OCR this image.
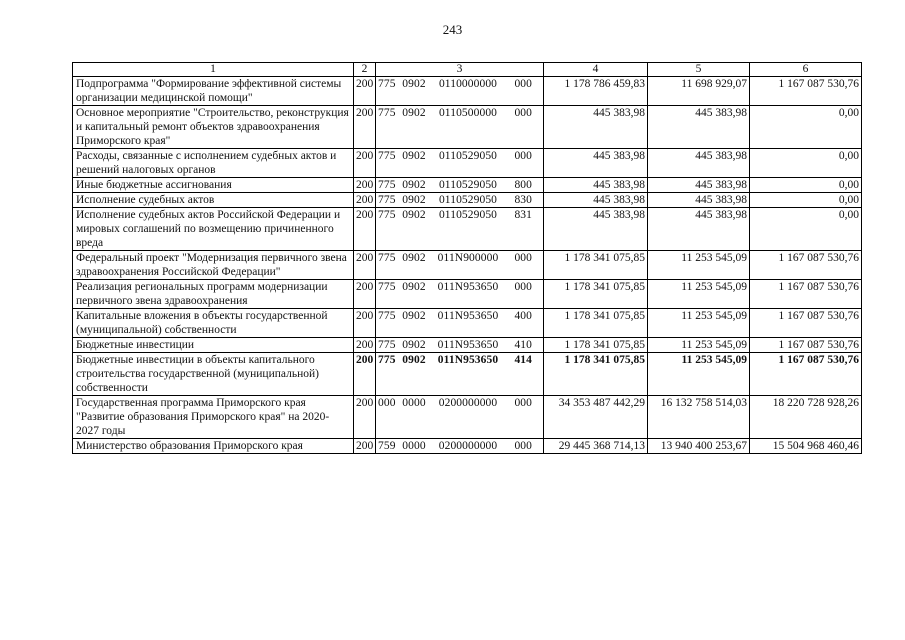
243
1	2	3	4	5	6
Подпрограмма "Формирование эффективной системы организации медицинской помощи"	200	775 0902 0110000000 000	1 178 786 459,83	11 698 929,07	1 167 087 530,76
Основное мероприятие "Строительство, реконструкция и капитальный ремонт объектов здравоохранения Приморского края"	200	775 0902 0110500000 000	445 383,98	445 383,98	0,00
Расходы, связанные с исполнением судебных актов и решений налоговых органов	200	775 0902 0110529050 000	445 383,98	445 383,98	0,00
Иные бюджетные ассигнования	200	775 0902 0110529050 800	445 383,98	445 383,98	0,00
Исполнение судебных актов	200	775 0902 0110529050 830	445 383,98	445 383,98	0,00
Исполнение судебных актов Российской Федерации и мировых соглашений по возмещению причиненного вреда	200	775 0902 0110529050 831	445 383,98	445 383,98	0,00
Федеральный проект "Модернизация первичного звена здравоохранения Российской Федерации"	200	775 0902 011N900000 000	1 178 341 075,85	11 253 545,09	1 167 087 530,76
Реализация региональных программ модернизации первичного звена здравоохранения	200	775 0902 011N953650 000	1 178 341 075,85	11 253 545,09	1 167 087 530,76
Капитальные вложения в объекты государственной (муниципальной) собственности	200	775 0902 011N953650 400	1 178 341 075,85	11 253 545,09	1 167 087 530,76
Бюджетные инвестиции	200	775 0902 011N953650 410	1 178 341 075,85	11 253 545,09	1 167 087 530,76
Бюджетные инвестиции в объекты капитального строительства государственной (муниципальной) собственности	200	775 0902 011N953650 414	1 178 341 075,85	11 253 545,09	1 167 087 530,76
Государственная программа Приморского края "Развитие образования Приморского края" на 2020-2027 годы	200	000 0000 0200000000 000	34 353 487 442,29	16 132 758 514,03	18 220 728 928,26
Министерство образования Приморского края	200	759 0000 0200000000 000	29 445 368 714,13	13 940 400 253,67	15 504 968 460,46
